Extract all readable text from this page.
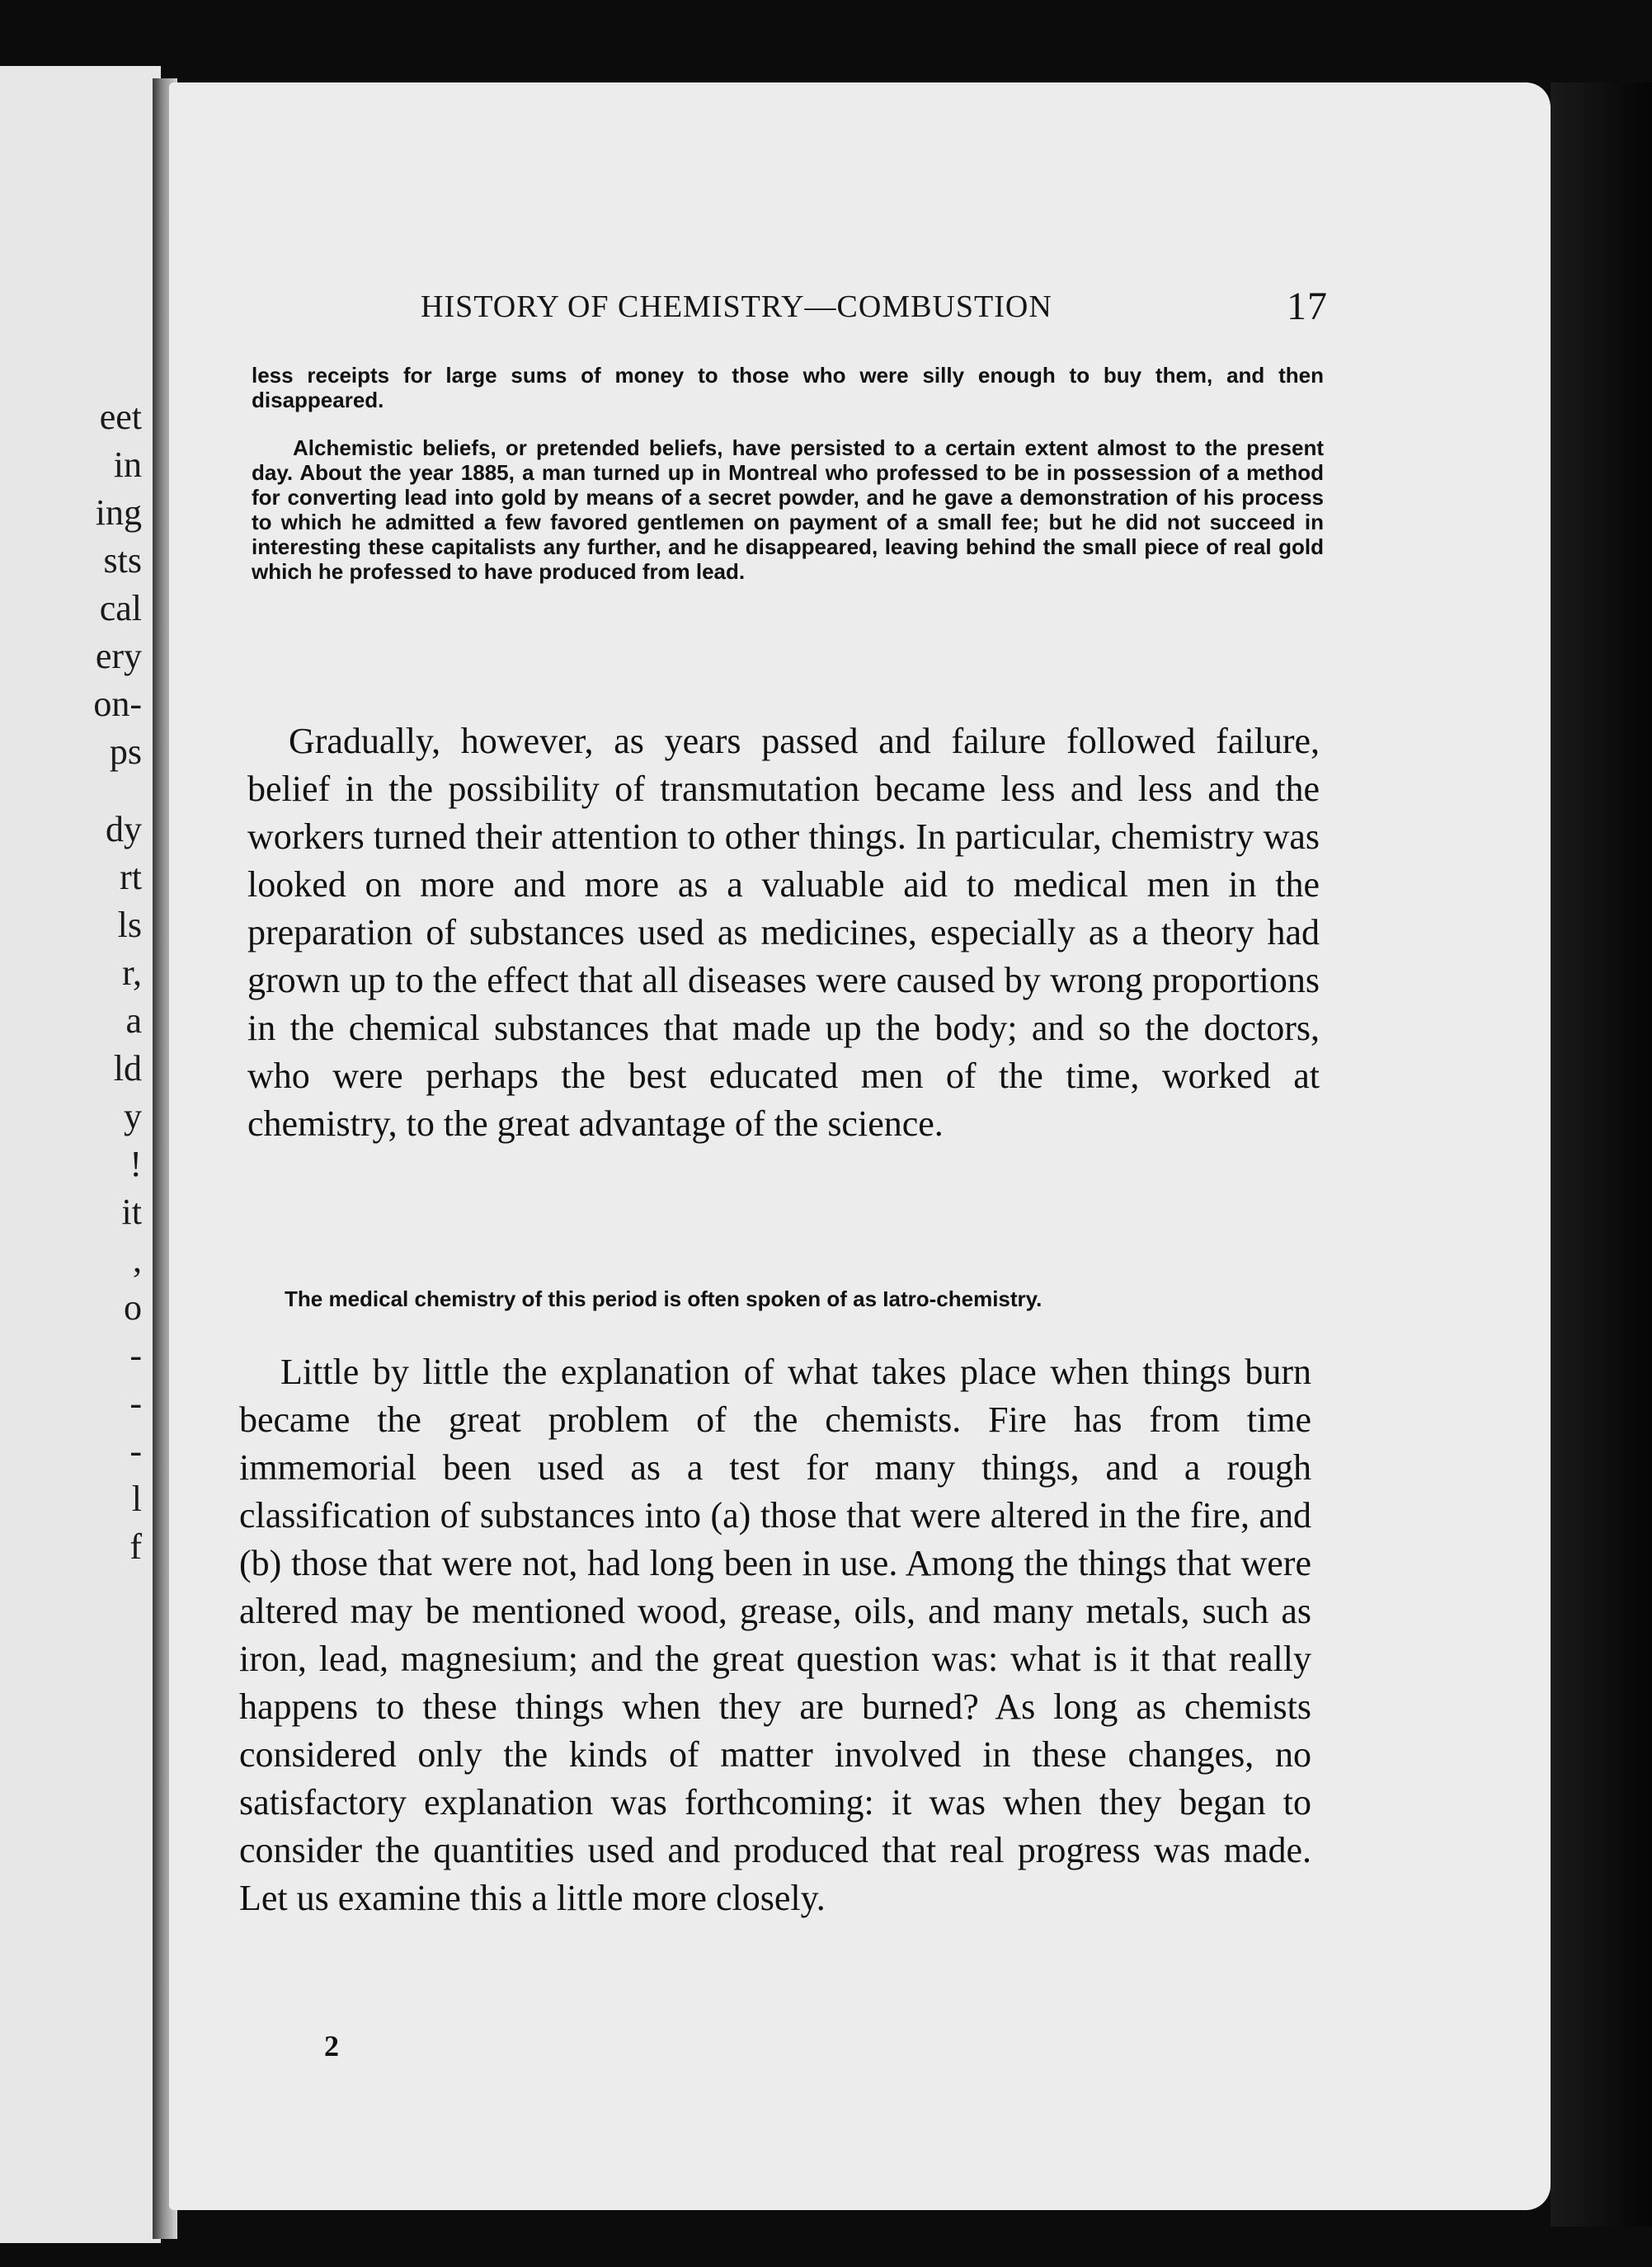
eet
in
ing
sts
cal
ery
on-
ps
dy
rt
ls
r,
a
ld
y
!
it
,
o
-
-
-
l
f
HISTORY OF CHEMISTRY—COMBUSTION	17
less receipts for large sums of money to those who were silly enough to buy them, and then disappeared.
Alchemistic beliefs, or pretended beliefs, have persisted to a certain extent almost to the present day. About the year 1885, a man turned up in Montreal who professed to be in possession of a method for converting lead into gold by means of a secret powder, and he gave a demonstration of his process to which he admitted a few favored gentlemen on payment of a small fee; but he did not succeed in interesting these capitalists any further, and he disappeared, leaving behind the small piece of real gold which he professed to have produced from lead.
Gradually, however, as years passed and failure followed failure, belief in the possibility of transmutation became less and less and the workers turned their attention to other things. In particular, chemistry was looked on more and more as a valuable aid to medical men in the preparation of substances used as medicines, especially as a theory had grown up to the effect that all diseases were caused by wrong proportions in the chemical substances that made up the body; and so the doctors, who were perhaps the best educated men of the time, worked at chemistry, to the great advantage of the science.
The medical chemistry of this period is often spoken of as Iatro-chemistry.
Little by little the explanation of what takes place when things burn became the great problem of the chemists. Fire has from time immemorial been used as a test for many things, and a rough classification of substances into (a) those that were altered in the fire, and (b) those that were not, had long been in use. Among the things that were altered may be mentioned wood, grease, oils, and many metals, such as iron, lead, magnesium; and the great question was: what is it that really happens to these things when they are burned? As long as chemists considered only the kinds of matter involved in these changes, no satisfactory explanation was forthcoming: it was when they began to consider the quantities used and produced that real progress was made. Let us examine this a little more closely.
2
